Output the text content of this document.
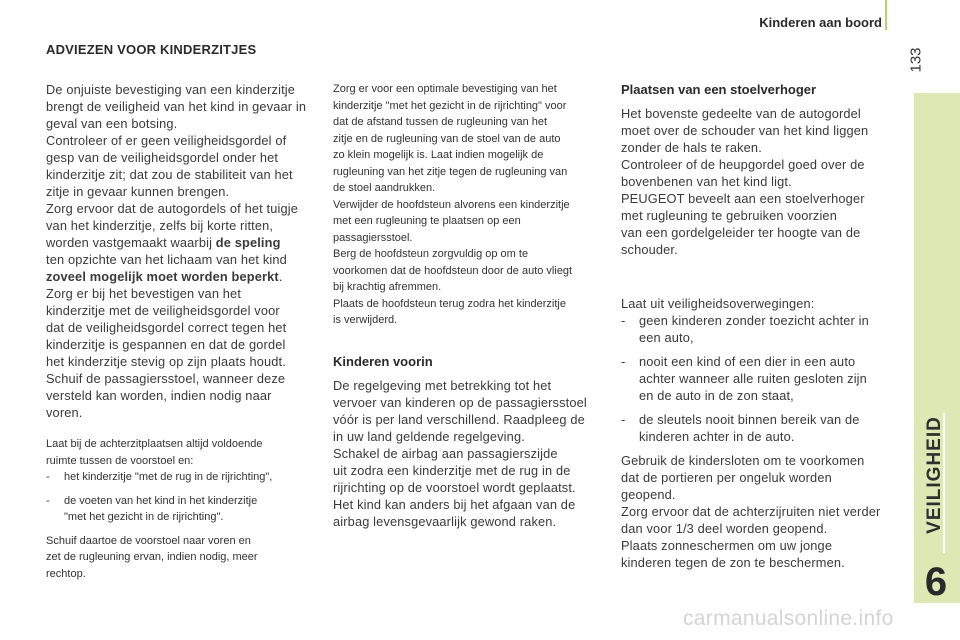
Kinderen aan boord
133
VEILIGHEID
6
ADVIEZEN VOOR KINDERZITJES

De onjuiste bevestiging van een kinderzitje
brengt de veiligheid van het kind in gevaar in
geval van een botsing.
Controleer of er geen veiligheidsgordel of
gesp van de veiligheidsgordel onder het
kinderzitje zit; dat zou de stabiliteit van het
zitje in gevaar kunnen brengen.
Zorg ervoor dat de autogordels of het tuigje
van het kinderzitje, zelfs bij korte ritten,
worden vastgemaakt waarbij de speling
ten opzichte van het lichaam van het kind
zoveel mogelijk moet worden beperkt.
Zorg er bij het bevestigen van het
kinderzitje met de veiligheidsgordel voor
dat de veiligheidsgordel correct tegen het
kinderzitje is gespannen en dat de gordel
het kinderzitje stevig op zijn plaats houdt.
Schuif de passagiersstoel, wanneer deze
versteld kan worden, indien nodig naar
voren.

Laat bij de achterzitplaatsen altijd voldoende
ruimte tussen de voorstoel en:

- het kinderzitje "met de rug in de rijrichting",
- de voeten van het kind in het kinderzitje
"met het gezicht in de rijrichting".

Schuif daartoe de voorstoel naar voren en
zet de rugleuning ervan, indien nodig, meer
rechtop.

Zorg er voor een optimale bevestiging van het
kinderzitje "met het gezicht in de rijrichting" voor
dat de afstand tussen de rugleuning van het
zitje en de rugleuning van de stoel van de auto
zo klein mogelijk is. Laat indien mogelijk de
rugleuning van het zitje tegen de rugleuning van
de stoel aandrukken.
Verwijder de hoofdsteun alvorens een kinderzitje
met een rugleuning te plaatsen op een
passagiersstoel.
Berg de hoofdsteun zorgvuldig op om te
voorkomen dat de hoofdsteun door de auto vliegt
bij krachtig afremmen.
Plaats de hoofdsteun terug zodra het kinderzitje
is verwijderd.

Kinderen voorin

De regelgeving met betrekking tot het
vervoer van kinderen op de passagiersstoel
vóór is per land verschillend. Raadpleeg de
in uw land geldende regelgeving.
Schakel de airbag aan passagierszijde
uit zodra een kinderzitje met de rug in de
rijrichting op de voorstoel wordt geplaatst.
Het kind kan anders bij het afgaan van de
airbag levensgevaarlijk gewond raken.

Plaatsen van een stoelverhoger

Het bovenste gedeelte van de autogordel
moet over de schouder van het kind liggen
zonder de hals te raken.
Controleer of de heupgordel goed over de
bovenbenen van het kind ligt.
PEUGEOT beveelt aan een stoelverhoger
met rugleuning te gebruiken voorzien
van een gordelgeleider ter hoogte van de
schouder.

Laat uit veiligheidsoverwegingen:

- geen kinderen zonder toezicht achter in
een auto,
- nooit een kind of een dier in een auto
achter wanneer alle ruiten gesloten zijn
en de auto in de zon staat,
- de sleutels nooit binnen bereik van de
kinderen achter in de auto.

Gebruik de kindersloten om te voorkomen
dat de portieren per ongeluk worden
geopend.
Zorg ervoor dat de achterzijruiten niet verder
dan voor 1/3 deel worden geopend.
Plaats zonneschermen om uw jonge
kinderen tegen de zon te beschermen.

carmanualsonline.info
